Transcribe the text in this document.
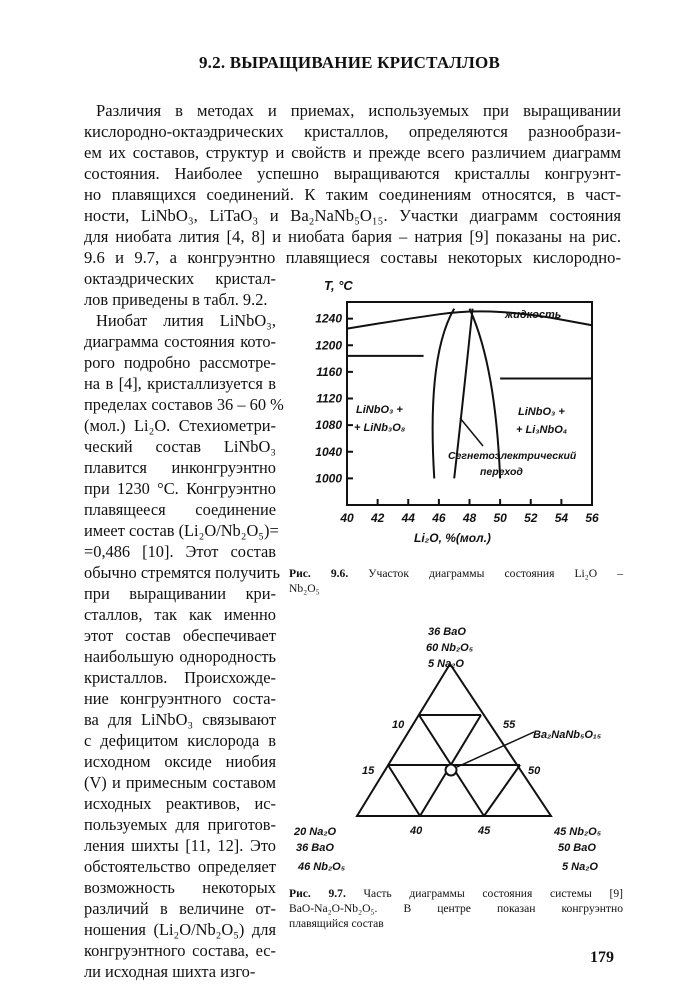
9.2. ВЫРАЩИВАНИЕ КРИСТАЛЛОВ
Различия в методах и приемах, используемых при выращивании
кислородно-октаэдрических кристаллов, определяются разнообрази-
ем их составов, структур и свойств и прежде всего различием диаграмм
состояния. Наиболее успешно выращиваются кристаллы конгруэнт-
но плавящихся соединений. К таким соединениям относятся, в част-
ности, LiNbO₃, LiTaO₃ и Ba₂NaNb₅O₁₅. Участки диаграмм состояния
для ниобата лития [4, 8] и ниобата бария – натрия [9] показаны на рис.
9.6 и 9.7, а конгруэнтно плавящиеся составы некоторых кислородно-
октаэдрических кристал-
лов приведены в табл. 9.2.
Ниобат лития LiNbO₃,
диаграмма состояния кото-
рого подробно рассмотре-
на в [4], кристаллизуется в
пределах составов 36 – 60 %
(мол.) Li₂O. Стехиометри-
ческий состав LiNbO₃
плавится инконгруэнтно
при 1230 °С. Конгруэнтно
плавящееся соединение
имеет состав (Li₂O/Nb₂O₅)=
=0,486 [10]. Этот состав
обычно стремятся получить
при выращивании кри-
сталлов, так как именно
этот состав обеспечивает
наибольшую однородность
кристаллов. Происхожде-
ние конгруэнтного соста-
ва для LiNbO₃ связывают
с дефицитом кислорода в
исходном оксиде ниобия
(V) и примесным составом
исходных реактивов, ис-
пользуемых для приготов-
ления шихты [11, 12]. Это
обстоятельство определяет
возможность некоторых
различий в величине от-
ношения (Li₂O/Nb₂O₅) для
конгруэнтного состава, ес-
ли исходная шихта изго-
T, °C
жидкость
LiNbO₃ +
+ LiNb₃O₈
LiNbO₃ +
+ Li₃NbO₄
Сегнетоэлектрический
переход
Li₂O, %(мол.)
40 42 44 46 48 50 52 54 56
1000
1040
1080
1120
1160
1200
1240
Рис. 9.6. Участок диаграммы состояния Li₂O –
Nb₂O₅
36 BaO
60 Nb₂O₅
5 Na₂O
Ba₂NaNb₅O₁₅
10
15
55
50
40	45
20 Na₂O
36 BaO
46 Nb₂O₅
45 Nb₂O₅
50 BaO
5 Na₂O
Рис. 9.7. Часть диаграммы состояния системы [9]
BaO-Na₂O-Nb₂O₅. В центре показан конгруэнтно
плавящийся состав
179
